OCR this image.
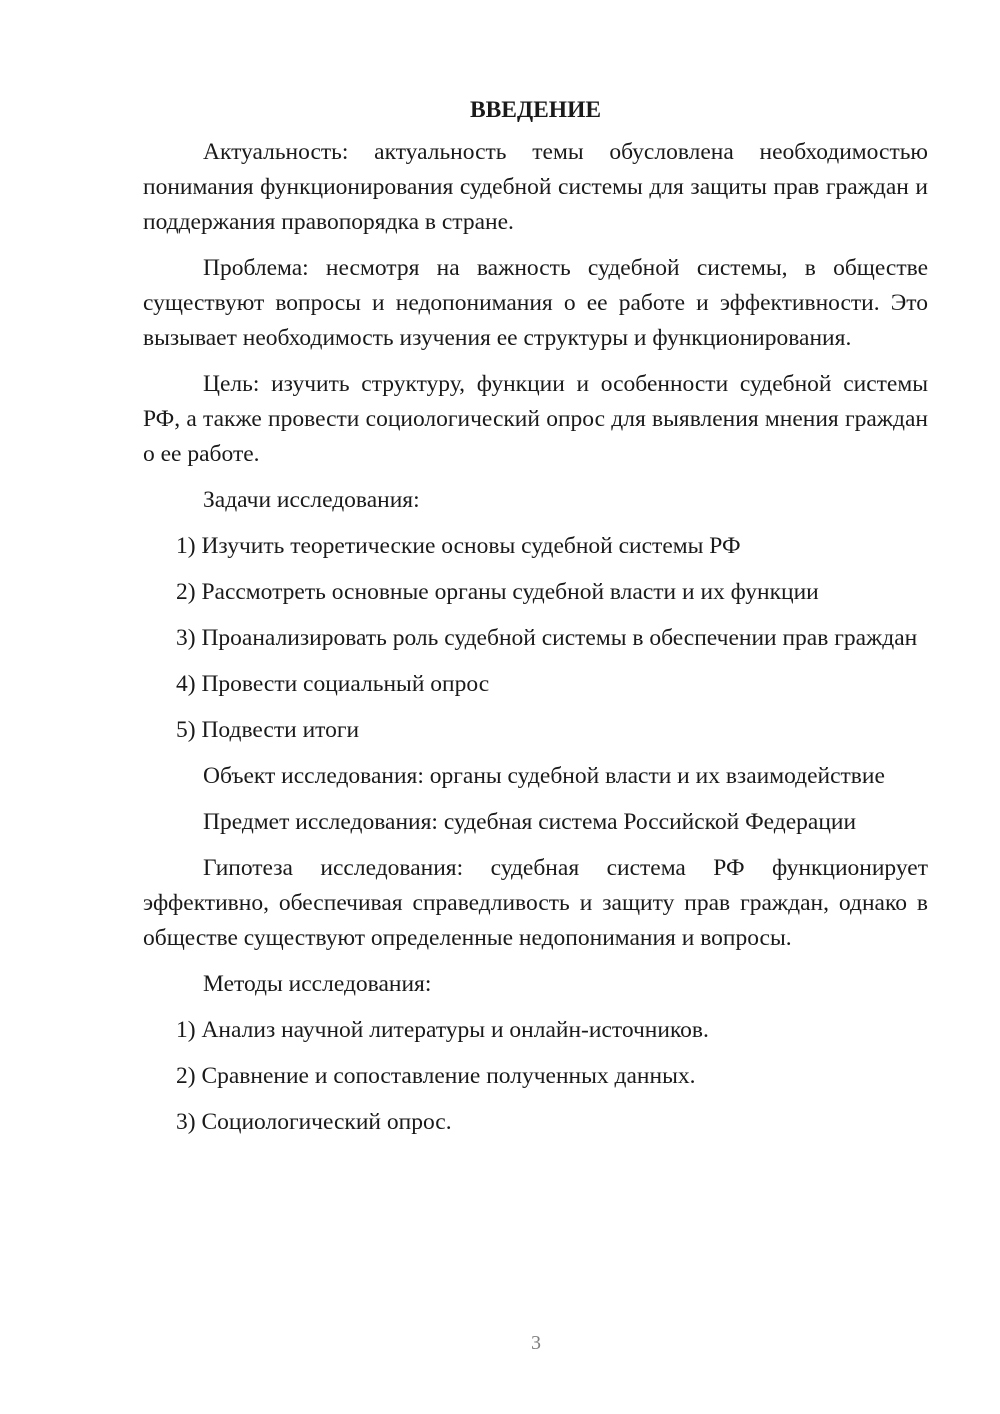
ВВЕДЕНИЕ

Актуальность: актуальность темы обусловлена необходимостью понимания функционирования судебной системы для защиты прав граждан и поддержания правопорядка в стране.

Проблема: несмотря на важность судебной системы, в обществе существуют вопросы и недопонимания о ее работе и эффективности. Это вызывает необходимость изучения ее структуры и функционирования.

Цель: изучить структуру, функции и особенности судебной системы РФ, а также провести социологический опрос для выявления мнения граждан о ее работе.

Задачи исследования:

1) Изучить теоретические основы судебной системы РФ

2) Рассмотреть основные органы судебной власти и их функции

3) Проанализировать роль судебной системы в обеспечении прав граждан

4) Провести социальный опрос

5) Подвести итоги

Объект исследования: органы судебной власти и их взаимодействие

Предмет исследования: судебная система Российской Федерации

Гипотеза исследования: судебная система РФ функционирует эффективно, обеспечивая справедливость и защиту прав граждан, однако в обществе существуют определенные недопонимания и вопросы.

Методы исследования:

1) Анализ научной литературы и онлайн-источников.

2) Сравнение и сопоставление полученных данных.

3) Социологический опрос.

3
